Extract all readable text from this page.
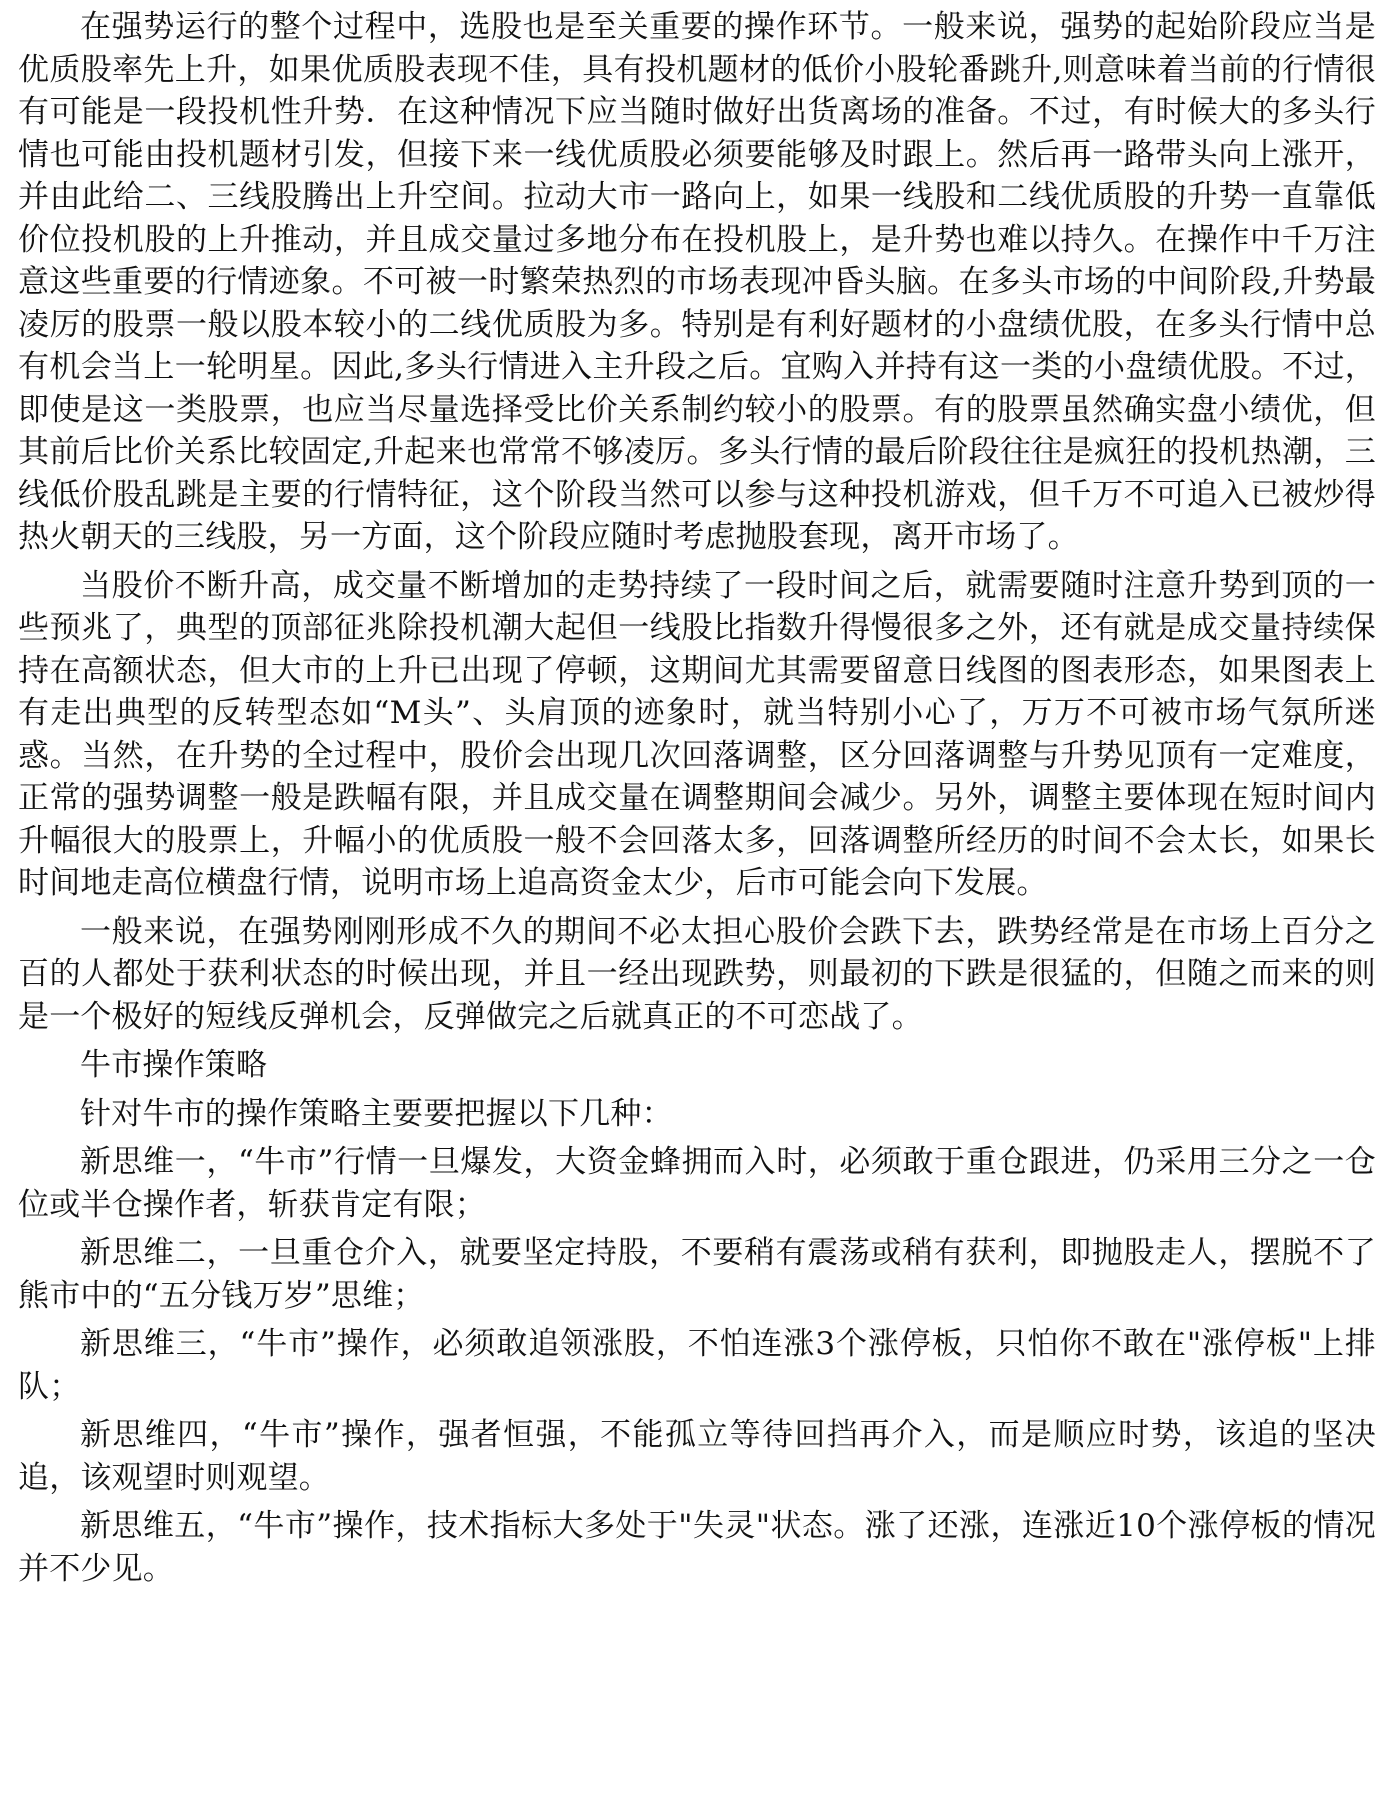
在强势运行的整个过程中，选股也是至关重要的操作环节。一般来说，强势的起始阶段应当是优质股率先上升，如果优质股表现不佳，具有投机题材的低价小股轮番跳升,则意味着当前的行情很有可能是一段投机性升势．在这种情况下应当随时做好出货离场的准备。不过，有时候大的多头行情也可能由投机题材引发，但接下来一线优质股必须要能够及时跟上。然后再一路带头向上涨开，并由此给二、三线股腾出上升空间。拉动大市一路向上，如果一线股和二线优质股的升势一直靠低价位投机股的上升推动，并且成交量过多地分布在投机股上，是升势也难以持久。在操作中千万注意这些重要的行情迹象。不可被一时繁荣热烈的市场表现冲昏头脑。在多头市场的中间阶段,升势最凌厉的股票一般以股本较小的二线优质股为多。特别是有利好题材的小盘绩优股，在多头行情中总有机会当上一轮明星。因此,多头行情进入主升段之后。宜购入并持有这一类的小盘绩优股。不过，即使是这一类股票，也应当尽量选择受比价关系制约较小的股票。有的股票虽然确实盘小绩优，但其前后比价关系比较固定,升起来也常常不够凌厉。多头行情的最后阶段往往是疯狂的投机热潮，三线低价股乱跳是主要的行情特征，这个阶段当然可以参与这种投机游戏，但千万不可追入已被炒得热火朝天的三线股，另一方面，这个阶段应随时考虑抛股套现，离开市场了。

当股价不断升高，成交量不断增加的走势持续了一段时间之后，就需要随时注意升势到顶的一些预兆了，典型的顶部征兆除投机潮大起但一线股比指数升得慢很多之外，还有就是成交量持续保持在高额状态，但大市的上升已出现了停顿，这期间尤其需要留意日线图的图表形态，如果图表上有走出典型的反转型态如“M头”、头肩顶的迹象时，就当特别小心了，万万不可被市场气氛所迷惑。当然，在升势的全过程中，股价会出现几次回落调整，区分回落调整与升势见顶有一定难度，正常的强势调整一般是跌幅有限，并且成交量在调整期间会减少。另外，调整主要体现在短时间内升幅很大的股票上，升幅小的优质股一般不会回落太多，回落调整所经历的时间不会太长，如果长时间地走高位横盘行情，说明市场上追高资金太少，后市可能会向下发展。

一般来说，在强势刚刚形成不久的期间不必太担心股价会跌下去，跌势经常是在市场上百分之百的人都处于获利状态的时候出现，并且一经出现跌势，则最初的下跌是很猛的，但随之而来的则是一个极好的短线反弹机会，反弹做完之后就真正的不可恋战了。

牛市操作策略

针对牛市的操作策略主要要把握以下几种：

新思维一，“牛市”行情一旦爆发，大资金蜂拥而入时，必须敢于重仓跟进，仍采用三分之一仓位或半仓操作者，斩获肯定有限；

新思维二，一旦重仓介入，就要坚定持股，不要稍有震荡或稍有获利，即抛股走人，摆脱不了熊市中的“五分钱万岁”思维；

新思维三，“牛市”操作，必须敢追领涨股，不怕连涨3个涨停板，只怕你不敢在"涨停板"上排队；

新思维四，“牛市”操作，强者恒强，不能孤立等待回挡再介入，而是顺应时势，该追的坚决追，该观望时则观望。

新思维五，“牛市”操作，技术指标大多处于"失灵"状态。涨了还涨，连涨近10个涨停板的情况并不少见。
